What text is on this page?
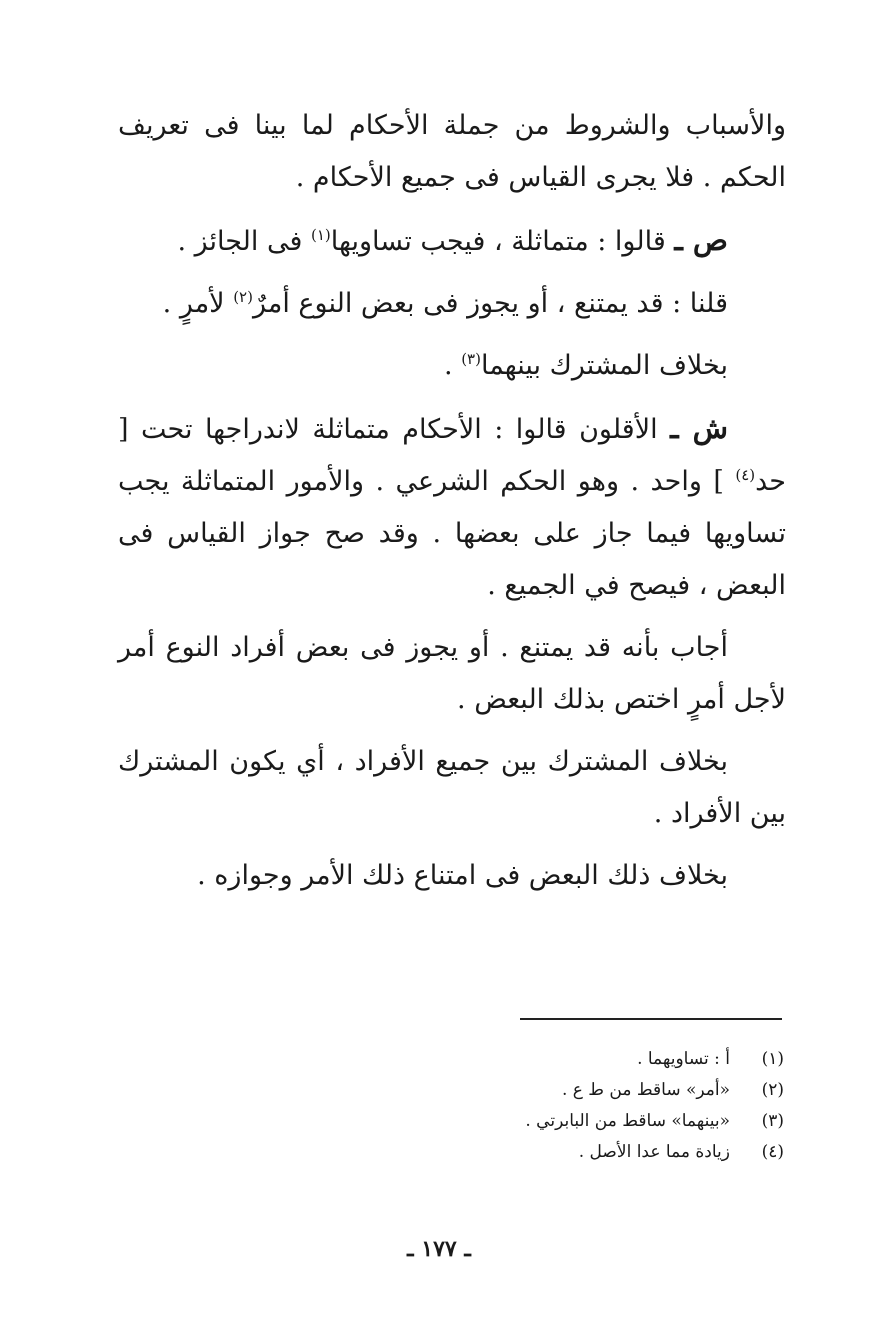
والأسباب والشروط من جملة الأحكام لما بينا فى تعريف الحكم . فلا يجرى القياس فى جميع الأحكام .

ص ـ قالوا : متماثلة ، فيجب تساويها$^{(١)}$ فى الجائز .

قلنا : قد يمتنع ، أو يجوز فى بعض النوع أمرٌ$^{(٢)}$ لأمرٍ .

بخلاف المشترك بينهما$^{(٣)}$ .

ش ـ الأقلون قالوا : الأحكام متماثلة لاندراجها تحت [ حد$^{(٤)}$ ] واحد . وهو الحكم الشرعي . والأمور المتماثلة يجب تساويها فيما جاز على بعضها . وقد صح جواز القياس فى البعض ، فيصح في الجميع .

أجاب بأنه قد يمتنع . أو يجوز فى بعض أفراد النوع أمر لأجل أمرٍ اختص بذلك البعض .

بخلاف المشترك بين جميع الأفراد ، أي يكون المشترك بين الأفراد .

بخلاف ذلك البعض فى امتناع ذلك الأمر وجوازه .

(١)
أ : تساويهما .
(٢)
«أمر» ساقط من ط ع .
(٣)
«بينهما» ساقط من البابرتي .
(٤)
زيادة مما عدا الأصل .
ـ ١٧٧ ـ
